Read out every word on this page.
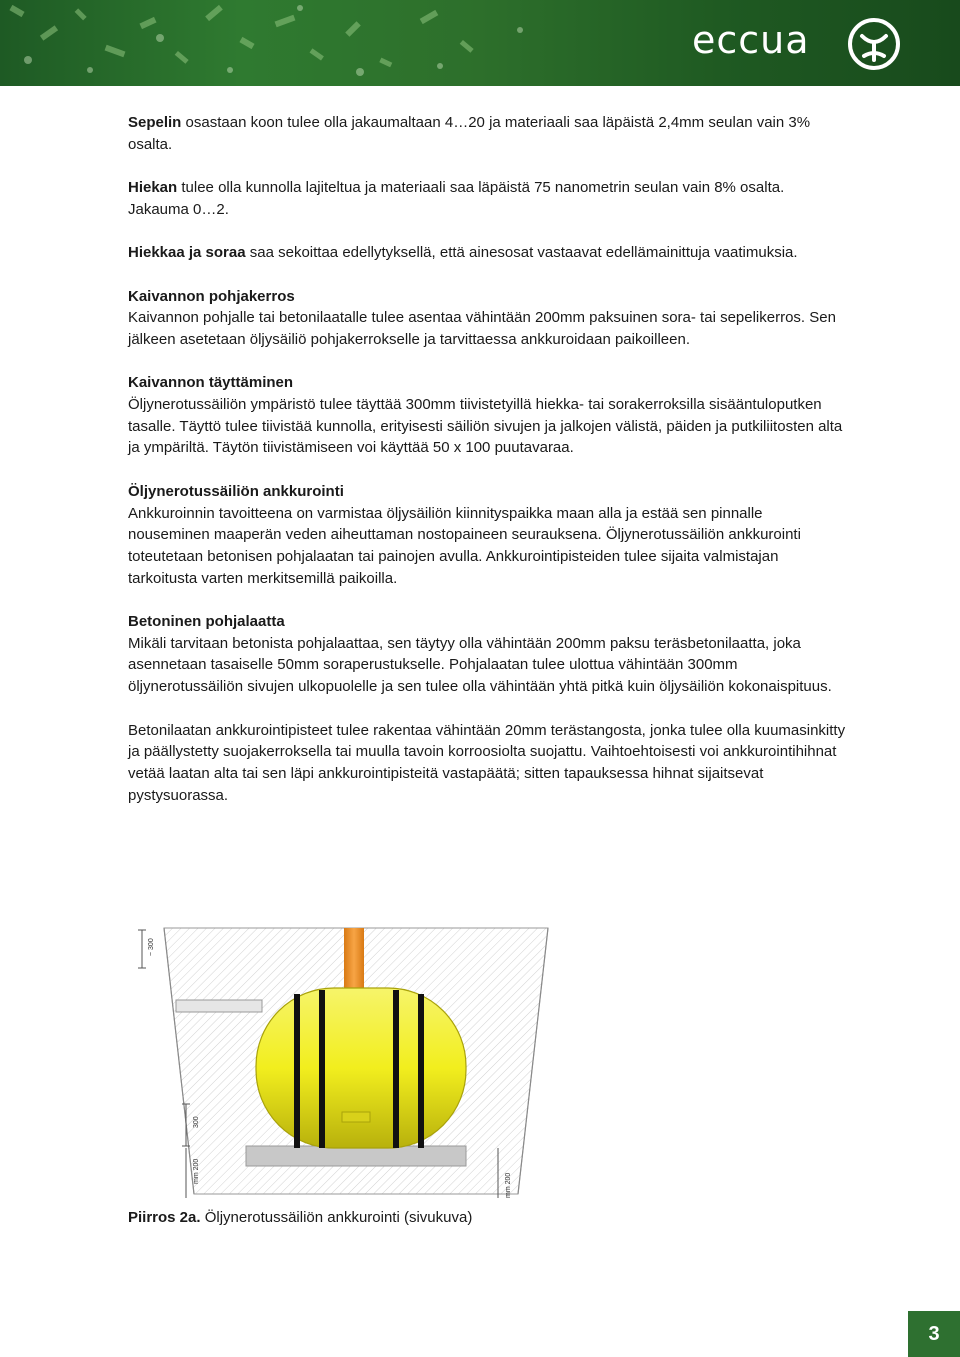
eccua

Sepelin osastaan koon tulee olla jakaumaltaan 4…20 ja materiaali saa läpäistä 2,4mm seulan vain 3% osalta.

Hiekan tulee olla kunnolla lajiteltua ja materiaali saa läpäistä 75 nanometrin seulan vain 8% osalta. Jakauma 0…2.

Hiekkaa ja soraa saa sekoittaa edellytyksellä, että ainesosat vastaavat edellämainittuja vaatimuksia.

Kaivannon pohjakerros
Kaivannon pohjalle tai betonilaatalle tulee asentaa vähintään 200mm paksuinen sora- tai sepelikerros. Sen jälkeen asetetaan öljysäiliö pohjakerrokselle ja tarvittaessa ankkuroidaan paikoilleen.

Kaivannon täyttäminen
Öljynerotussäiliön ympäristö tulee täyttää 300mm tiivistetyillä hiekka- tai sorakerroksilla sisääntuloputken tasalle. Täyttö tulee tiivistää kunnolla, erityisesti säiliön sivujen ja jalkojen välistä, päiden ja putkiliitosten alta ja ympäriltä. Täytön tiivistämiseen voi käyttää 50 x 100 puutavaraa.

Öljynerotussäiliön ankkurointi
Ankkuroinnin tavoitteena on varmistaa öljysäiliön kiinnityspaikka maan alla ja estää sen pinnalle nouseminen maaperän veden aiheuttaman nostopaineen seurauksena. Öljynerotussäiliön ankkurointi toteutetaan betonisen pohjalaatan tai painojen avulla. Ankkurointipisteiden tulee sijaita valmistajan tarkoitusta varten merkitsemillä paikoilla.

Betoninen pohjalaatta
Mikäli tarvitaan betonista pohjalaattaa, sen täytyy olla vähintään 200mm paksu teräsbetonilaatta, joka asennetaan tasaiselle 50mm soraperustukselle. Pohjalaatan tulee ulottua vähintään 300mm öljynerotussäiliön sivujen ulkopuolelle ja sen tulee olla vähintään yhtä pitkä kuin öljysäiliön kokonaispituus.

Betonilaatan ankkurointipisteet tulee rakentaa vähintään 20mm terästangosta, jonka tulee olla kuumasinkitty ja päällystetty suojakerroksella tai muulla tavoin korroosiolta suojattu. Vaihtoehtoisesti voi ankkurointihihnat vetää laatan alta tai sen läpi ankkurointipisteitä vastapäätä; sitten tapauksessa hihnat sijaitsevat pystysuorassa.

~ 300
300
mm 200
mm 200
Piirros 2a. Öljynerotussäiliön ankkurointi (sivukuva)
3
